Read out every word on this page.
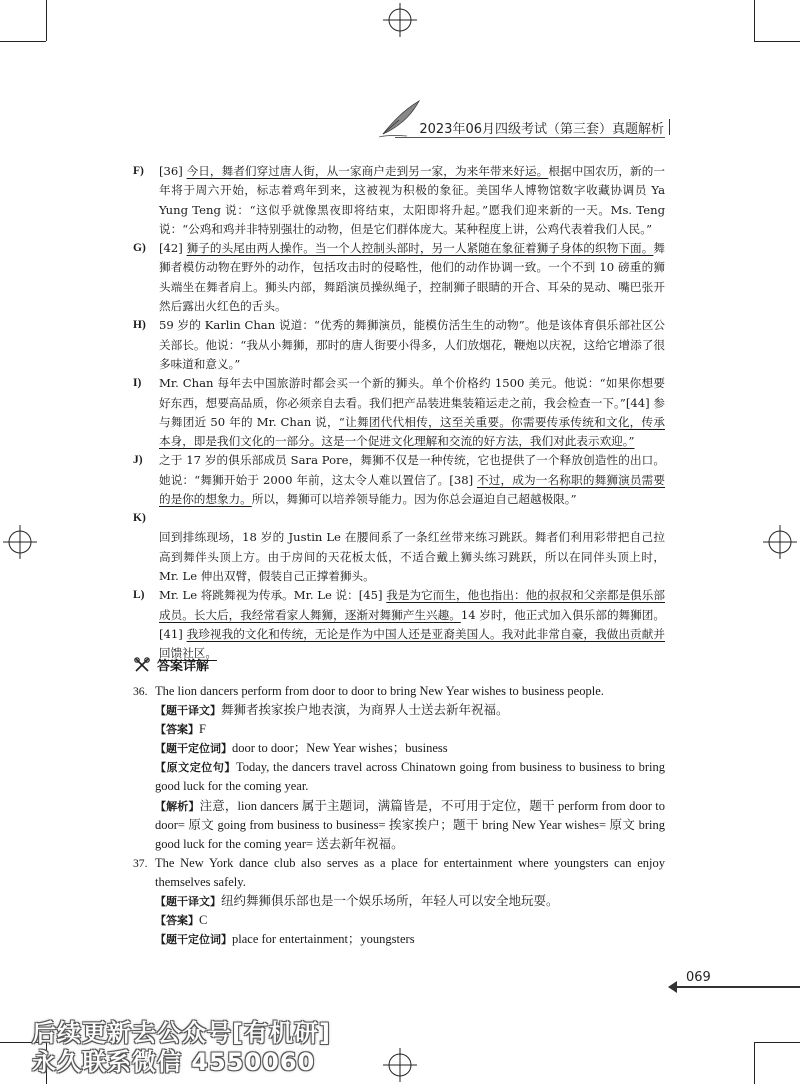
2023年06月四级考试（第三套）真题解析
F) [36] 今日，舞者们穿过唐人街，从一家商户走到另一家，为来年带来好运。根据中国农历，新的一年将于周六开始，标志着鸡年到来，这被视为积极的象征。美国华人博物馆数字收藏协调员 Ya Yung Teng 说：“这似乎就像黑夜即将结束，太阳即将升起。”愿我们迎来新的一天。Ms. Teng 说：“公鸡和鸡并非特别强壮的动物，但是它们群体庞大。某种程度上讲，公鸡代表着我们人民。”
G) [42] 狮子的头尾由两人操作。当一个人控制头部时，另一人紧随在象征着狮子身体的织物下面。舞狮者模仿动物在野外的动作，包括攻击时的侵略性，他们的动作协调一致。一个不到 10 磅重的狮头端坐在舞者肩上。狮头内部，舞蹈演员操纵绳子，控制狮子眼睛的开合、耳朵的晃动、嘴巴张开然后露出火红色的舌头。
H) 59 岁的 Karlin Chan 说道：“优秀的舞狮演员，能模仿活生生的动物”。他是该体育俱乐部社区公关部长。他说：“我从小舞狮，那时的唐人街要小得多，人们放烟花，鞭炮以庆祝，这给它增添了很多味道和意义。”
I) Mr. Chan 每年去中国旅游时都会买一个新的狮头。单个价格约 1500 美元。他说：“如果你想要好东西，想要高品质，你必须亲自去看。我们把产品装进集装箱运走之前，我会检查一下。”[44] 参与舞团近 50 年的 Mr. Chan 说，“让舞团代代相传，这至关重要。你需要传承传统和文化，传承本身，即是我们文化的一部分。这是一个促进文化理解和交流的好方法，我们对此表示欢迎。”
J) 之于 17 岁的俱乐部成员 Sara Pore，舞狮不仅是一种传统，它也提供了一个释放创造性的出口。她说：“舞狮开始于 2000 年前，这太令人难以置信了。[38] 不过，成为一名称职的舞狮演员需要的是你的想象力。所以，舞狮可以培养领导能力。因为你总会逼迫自己超越极限。”
K)
回到排练现场，18 岁的 Justin Le 在腰间系了一条红丝带来练习跳跃。舞者们利用彩带把自己拉高到舞伴头顶上方。由于房间的天花板太低，不适合戴上狮头练习跳跃，所以在同伴头顶上时，Mr. Le 伸出双臂，假装自己正撑着狮头。
L) Mr. Le 将跳舞视为传承。Mr. Le 说：[45] 我是为它而生，他也指出：他的叔叔和父亲都是俱乐部成员。长大后，我经常看家人舞狮，逐渐对舞狮产生兴趣。14 岁时，他正式加入俱乐部的舞狮团。[41] 我珍视我的文化和传统，无论是作为中国人还是亚裔美国人。我对此非常自豪，我做出贡献并回馈社区。
答案详解
36. The lion dancers perform from door to door to bring New Year wishes to business people.
【题干译文】舞狮者挨家挨户地表演，为商界人士送去新年祝福。
【答案】F
【题干定位词】door to door；New Year wishes；business
【原文定位句】Today, the dancers travel across Chinatown going from business to business to bring good luck for the coming year.
【解析】注意，lion dancers 属于主题词，满篇皆是，不可用于定位，题干 perform from door to door= 原文 going from business to business= 挨家挨户；题干 bring New Year wishes= 原文 bring good luck for the coming year= 送去新年祝福。
37. The New York dance club also serves as a place for entertainment where youngsters can enjoy themselves safely.
【题干译文】纽约舞狮俱乐部也是一个娱乐场所，年轻人可以安全地玩耍。
【答案】C
【题干定位词】place for entertainment；youngsters
069
后续更新去公众号[有机研]
永久联系微信 4550060
